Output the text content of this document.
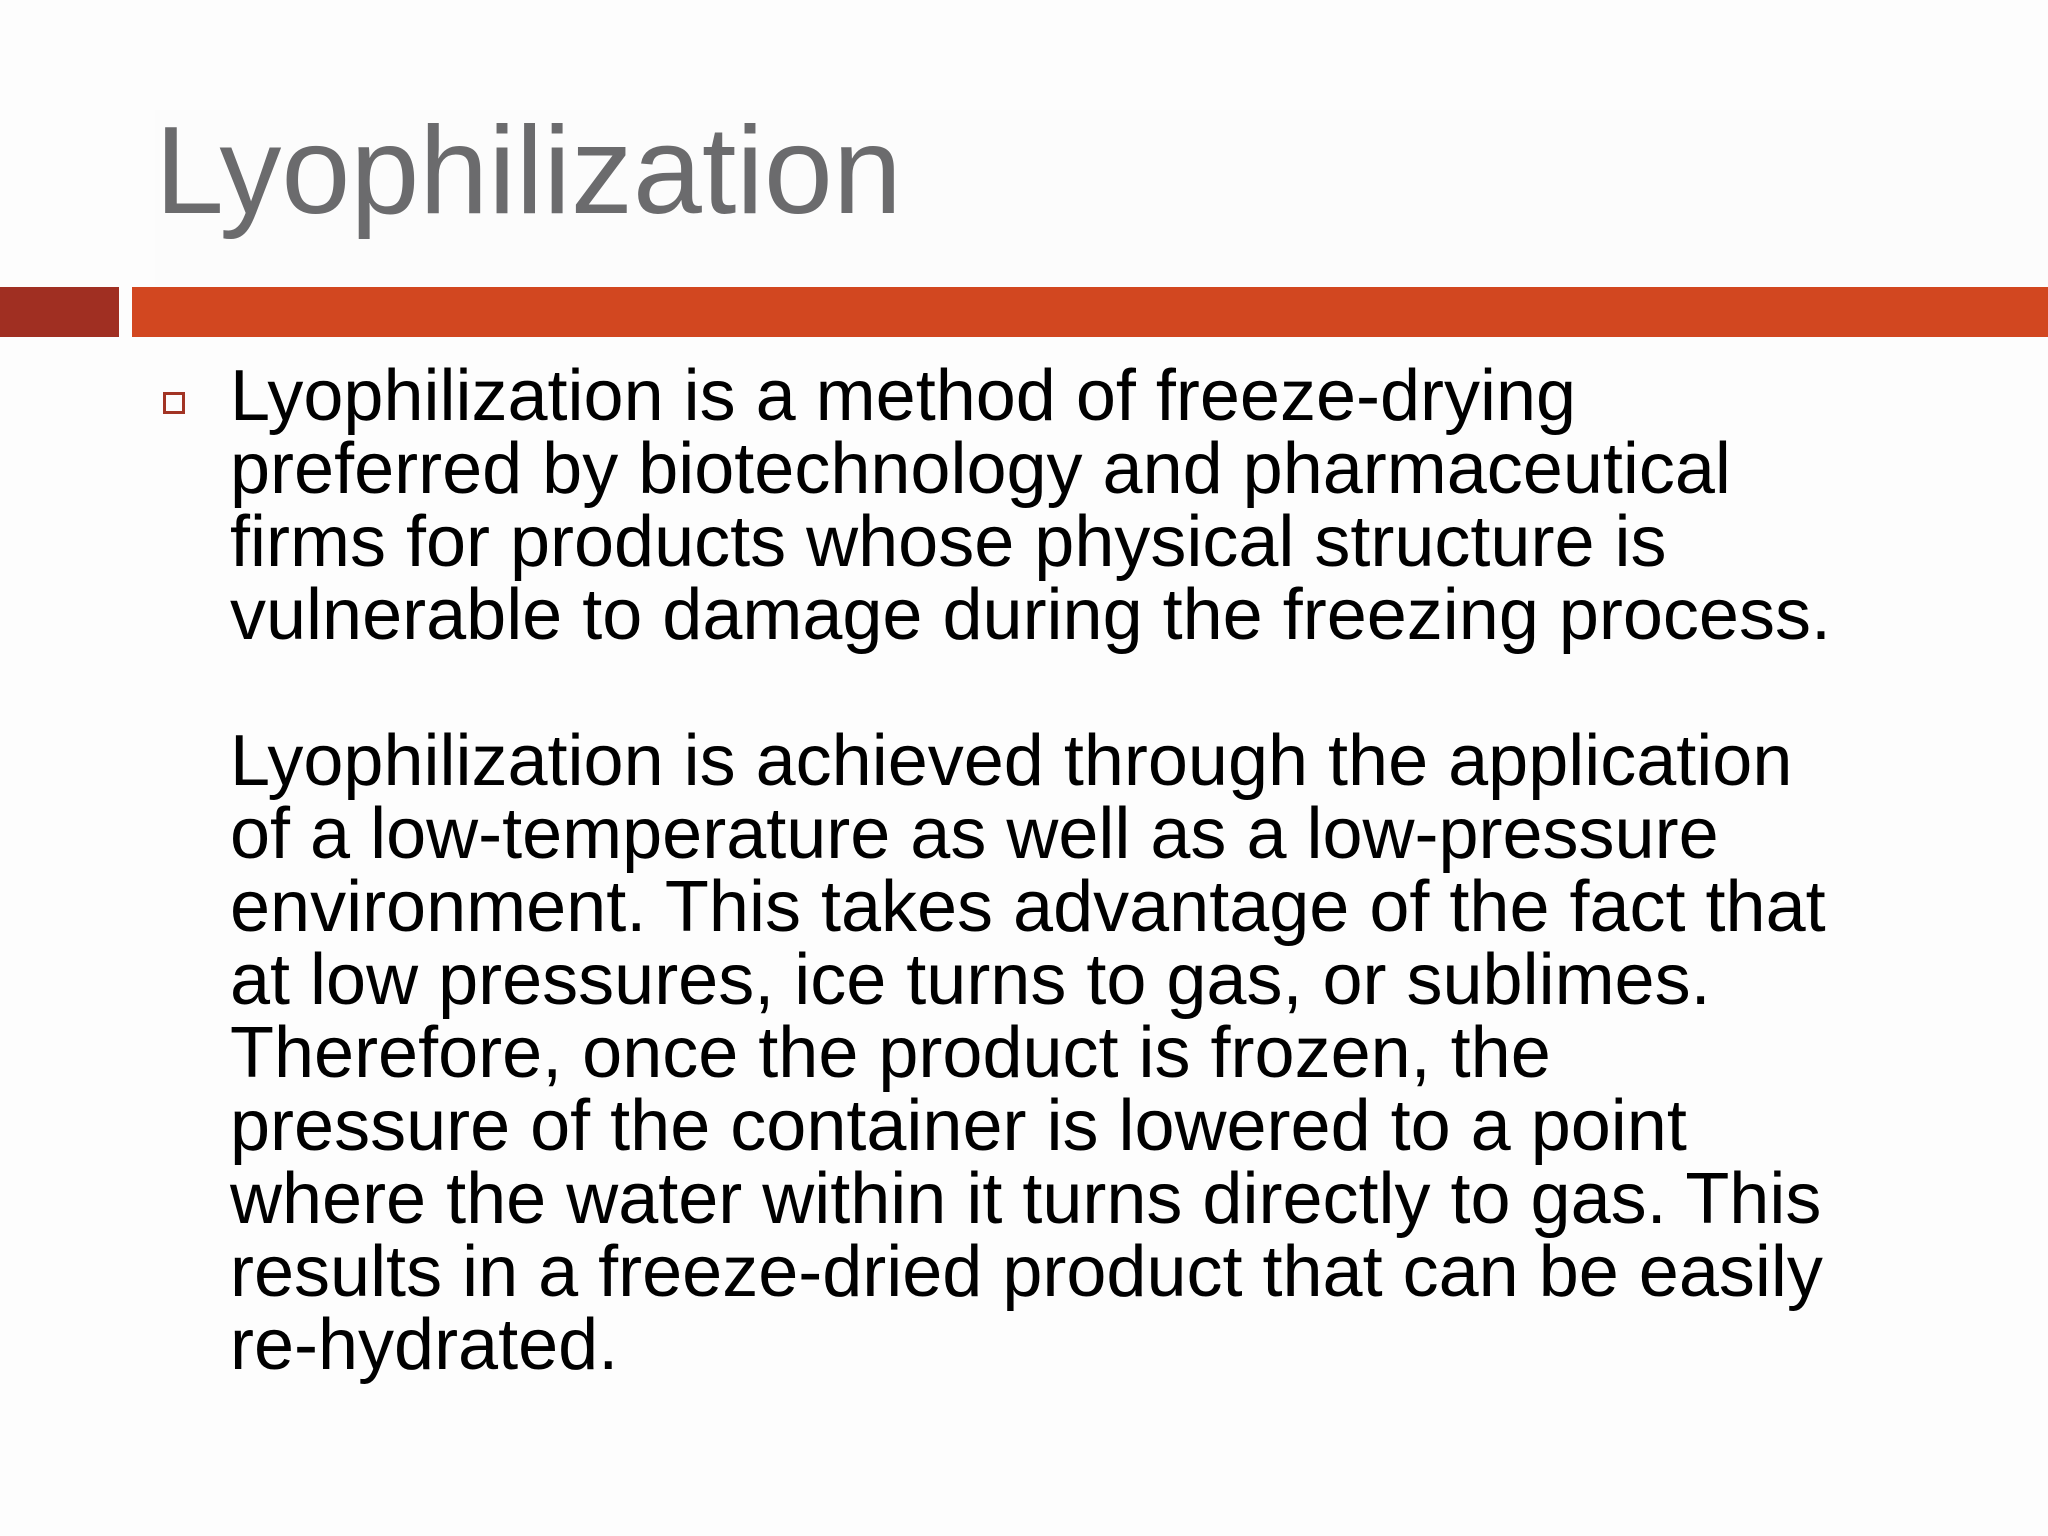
Lyophilization

Lyophilization is a method of freeze-drying
preferred by biotechnology and pharmaceutical
firms for products whose physical structure is
vulnerable to damage during the freezing process.

Lyophilization is achieved through the application
of a low-temperature as well as a low-pressure
environment. This takes advantage of the fact that
at low pressures, ice turns to gas, or sublimes.
Therefore, once the product is frozen, the
pressure of the container is lowered to a point
where the water within it turns directly to gas. This
results in a freeze-dried product that can be easily
re-hydrated.
